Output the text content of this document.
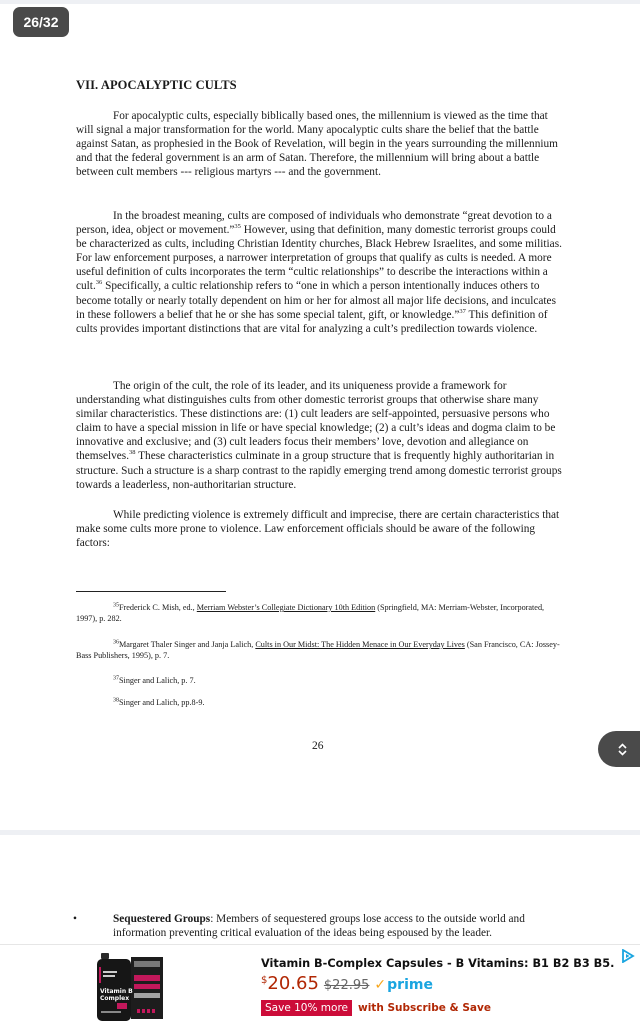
VII. APOCALYPTIC CULTS
For apocalyptic cults, especially biblically based ones, the millennium is viewed as the time that will signal a major transformation for the world. Many apocalyptic cults share the belief that the battle against Satan, as prophesied in the Book of Revelation, will begin in the years surrounding the millennium and that the federal government is an arm of Satan. Therefore, the millennium will bring about a battle between cult members --- religious martyrs --- and the government.
In the broadest meaning, cults are composed of individuals who demonstrate “great devotion to a person, idea, object or movement.”$^{35}$ However, using that definition, many domestic terrorist groups could be characterized as cults, including Christian Identity churches, Black Hebrew Israelites, and some militias. For law enforcement purposes, a narrower interpretation of groups that qualify as cults is needed. A more useful definition of cults incorporates the term “cultic relationships” to describe the interactions within a cult.$^{36}$ Specifically, a cultic relationship refers to “one in which a person intentionally induces others to become totally or nearly totally dependent on him or her for almost all major life decisions, and inculcates in these followers a belief that he or she has some special talent, gift, or knowledge.”$^{37}$ This definition of cults provides important distinctions that are vital for analyzing a cult’s predilection towards violence.
The origin of the cult, the role of its leader, and its uniqueness provide a framework for understanding what distinguishes cults from other domestic terrorist groups that otherwise share many similar characteristics. These distinctions are: (1) cult leaders are self-appointed, persuasive persons who claim to have a special mission in life or have special knowledge; (2) a cult’s ideas and dogma claim to be innovative and exclusive; and (3) cult leaders focus their members’ love, devotion and allegiance on themselves.$^{38}$ These characteristics culminate in a group structure that is frequently highly authoritarian in structure. Such a structure is a sharp contrast to the rapidly emerging trend among domestic terrorist groups towards a leaderless, non-authoritarian structure.
While predicting violence is extremely difficult and imprecise, there are certain characteristics that make some cults more prone to violence. Law enforcement officials should be aware of the following factors:
$^{35}$Frederick C. Mish, ed., Merriam Webster’s Collegiate Dictionary 10th Edition (Springfield, MA: Merriam-Webster, Incorporated, 1997), p. 282.
$^{36}$Margaret Thaler Singer and Janja Lalich, Cults in Our Midst: The Hidden Menace in Our Everyday Lives (San Francisco, CA: Jossey-Bass Publishers, 1995), p. 7.
$^{37}$Singer and Lalich, p. 7.
$^{38}$Singer and Lalich, pp.8-9.
26
26/32
•	Sequestered Groups: Members of sequestered groups lose access to the outside world and information preventing critical evaluation of the ideas being espoused by the leader.
Vitamin B
Complex
Vitamin B-Complex Capsules - B Vitamins: B1 B2 B3 B5.
$20.65 $22.95 ✓ prime
Save 10% more with Subscribe & Save
